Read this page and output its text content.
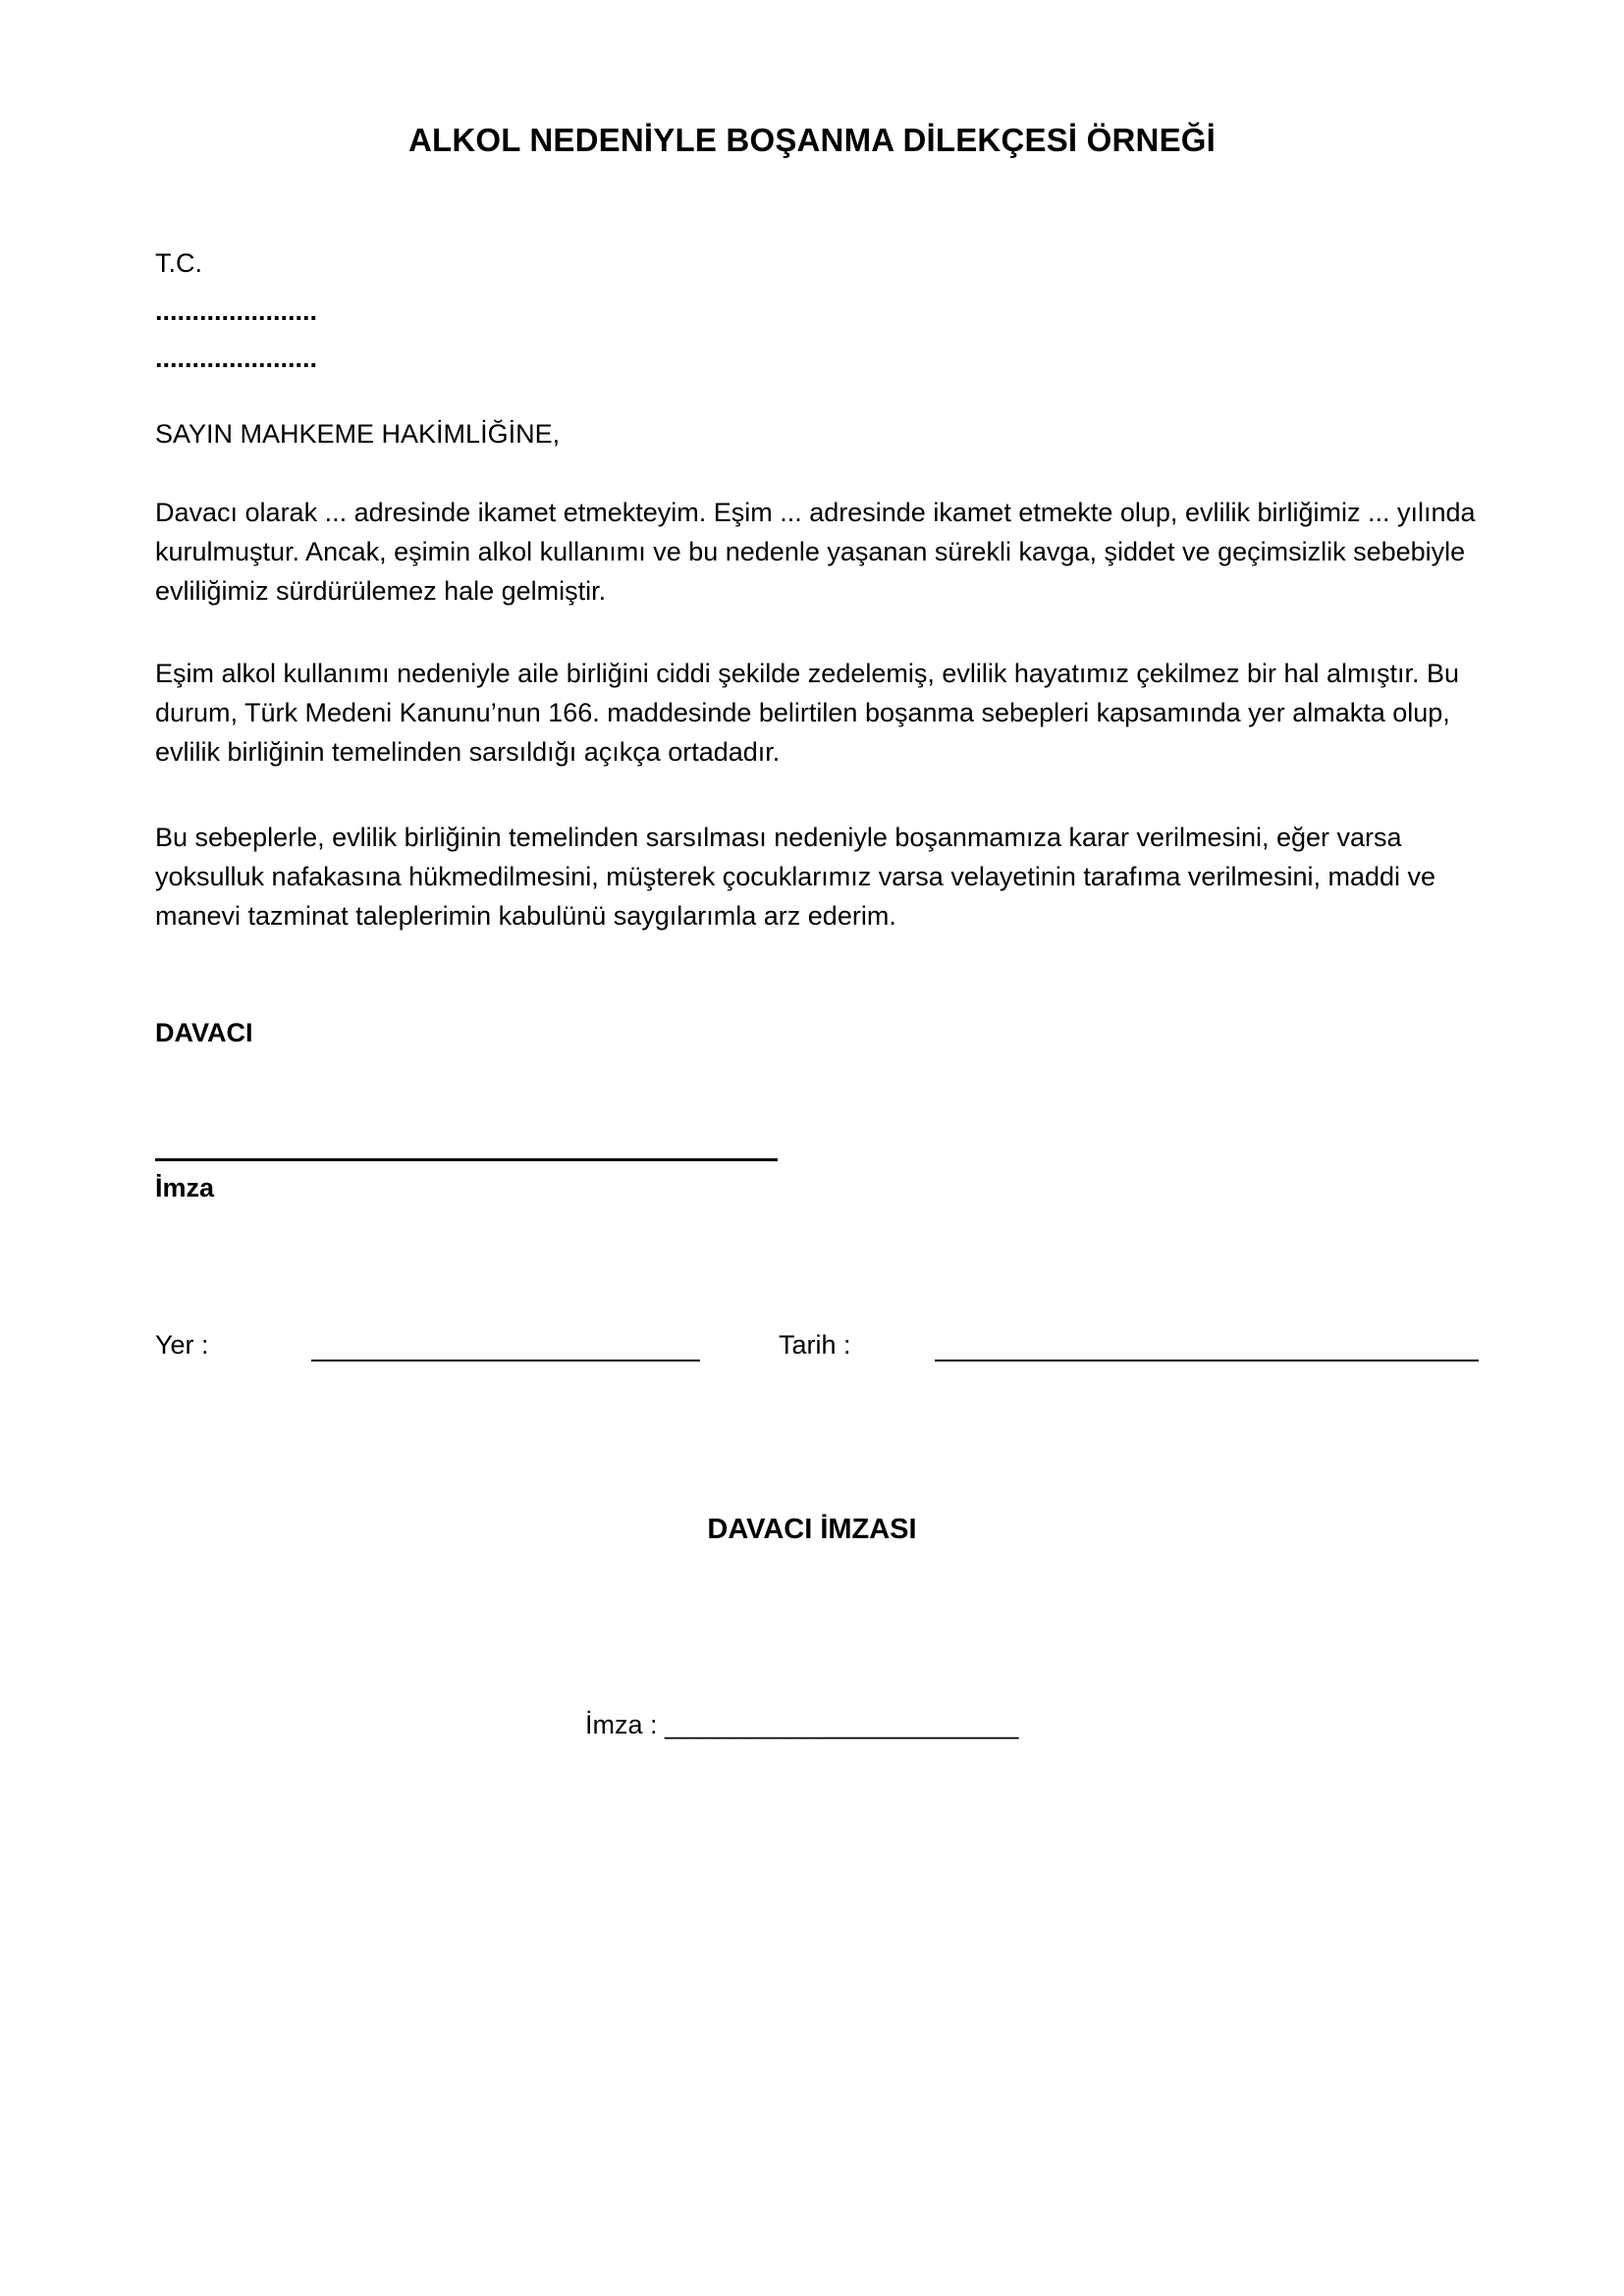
ALKOL NEDENİYLE BOŞANMA DİLEKÇESİ ÖRNEĞİ
T.C.
......................
......................
SAYIN MAHKEME HAKİMLİĞİNE,

Davacı olarak ... adresinde ikamet etmekteyim. Eşim ... adresinde ikamet etmekte olup, evlilik birliğimiz ... yılında kurulmuştur. Ancak, eşimin alkol kullanımı ve bu nedenle yaşanan sürekli kavga, şiddet ve geçimsizlik sebebiyle evliliğimiz sürdürülemez hale gelmiştir.

Eşim alkol kullanımı nedeniyle aile birliğini ciddi şekilde zedelemiş, evlilik hayatımız çekilmez bir hal almıştır. Bu durum, Türk Medeni Kanunu’nun 166. maddesinde belirtilen boşanma sebepleri kapsamında yer almakta olup, evlilik birliğinin temelinden sarsıldığı açıkça ortadadır.

Bu sebeplerle, evlilik birliğinin temelinden sarsılması nedeniyle boşanmamıza karar verilmesini, eğer varsa yoksulluk nafakasına hükmedilmesini, müşterek çocuklarımız varsa velayetinin tarafıma verilmesini, maddi ve manevi tazminat taleplerimin kabulünü saygılarımla arz ederim.

DAVACI
İmza
Yer :	Tarih :
DAVACI İMZASI
İmza : ________________________
